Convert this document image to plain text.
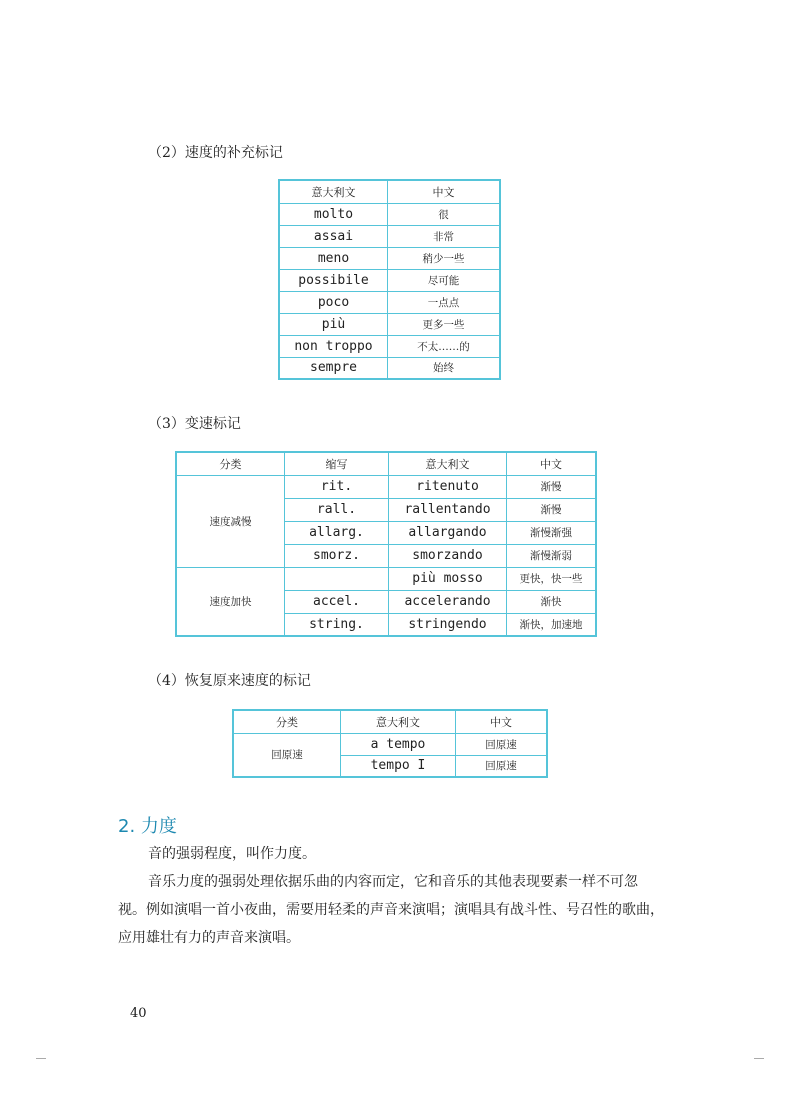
（2）速度的补充标记
意大利文	中文
molto	很
assai	非常
meno	稍少一些
possibile	尽可能
poco	一点点
più	更多一些
non troppo	不太……的
sempre	始终
（3）变速标记
分类	缩写	意大利文	中文
速度减慢	rit.	ritenuto	渐慢
	rall.	rallentando	渐慢
	allarg.	allargando	渐慢渐强
	smorz.	smorzando	渐慢渐弱
速度加快		più mosso	更快，快一些
	accel.	accelerando	渐快
	string.	stringendo	渐快，加速地
（4）恢复原来速度的标记
分类	意大利文	中文
回原速	a tempo	回原速
	tempo I	回原速
2. 力度
音的强弱程度，叫作力度。
音乐力度的强弱处理依据乐曲的内容而定，它和音乐的其他表现要素一样不可忽
视。例如演唱一首小夜曲，需要用轻柔的声音来演唱；演唱具有战斗性、号召性的歌曲，
应用雄壮有力的声音来演唱。
40
